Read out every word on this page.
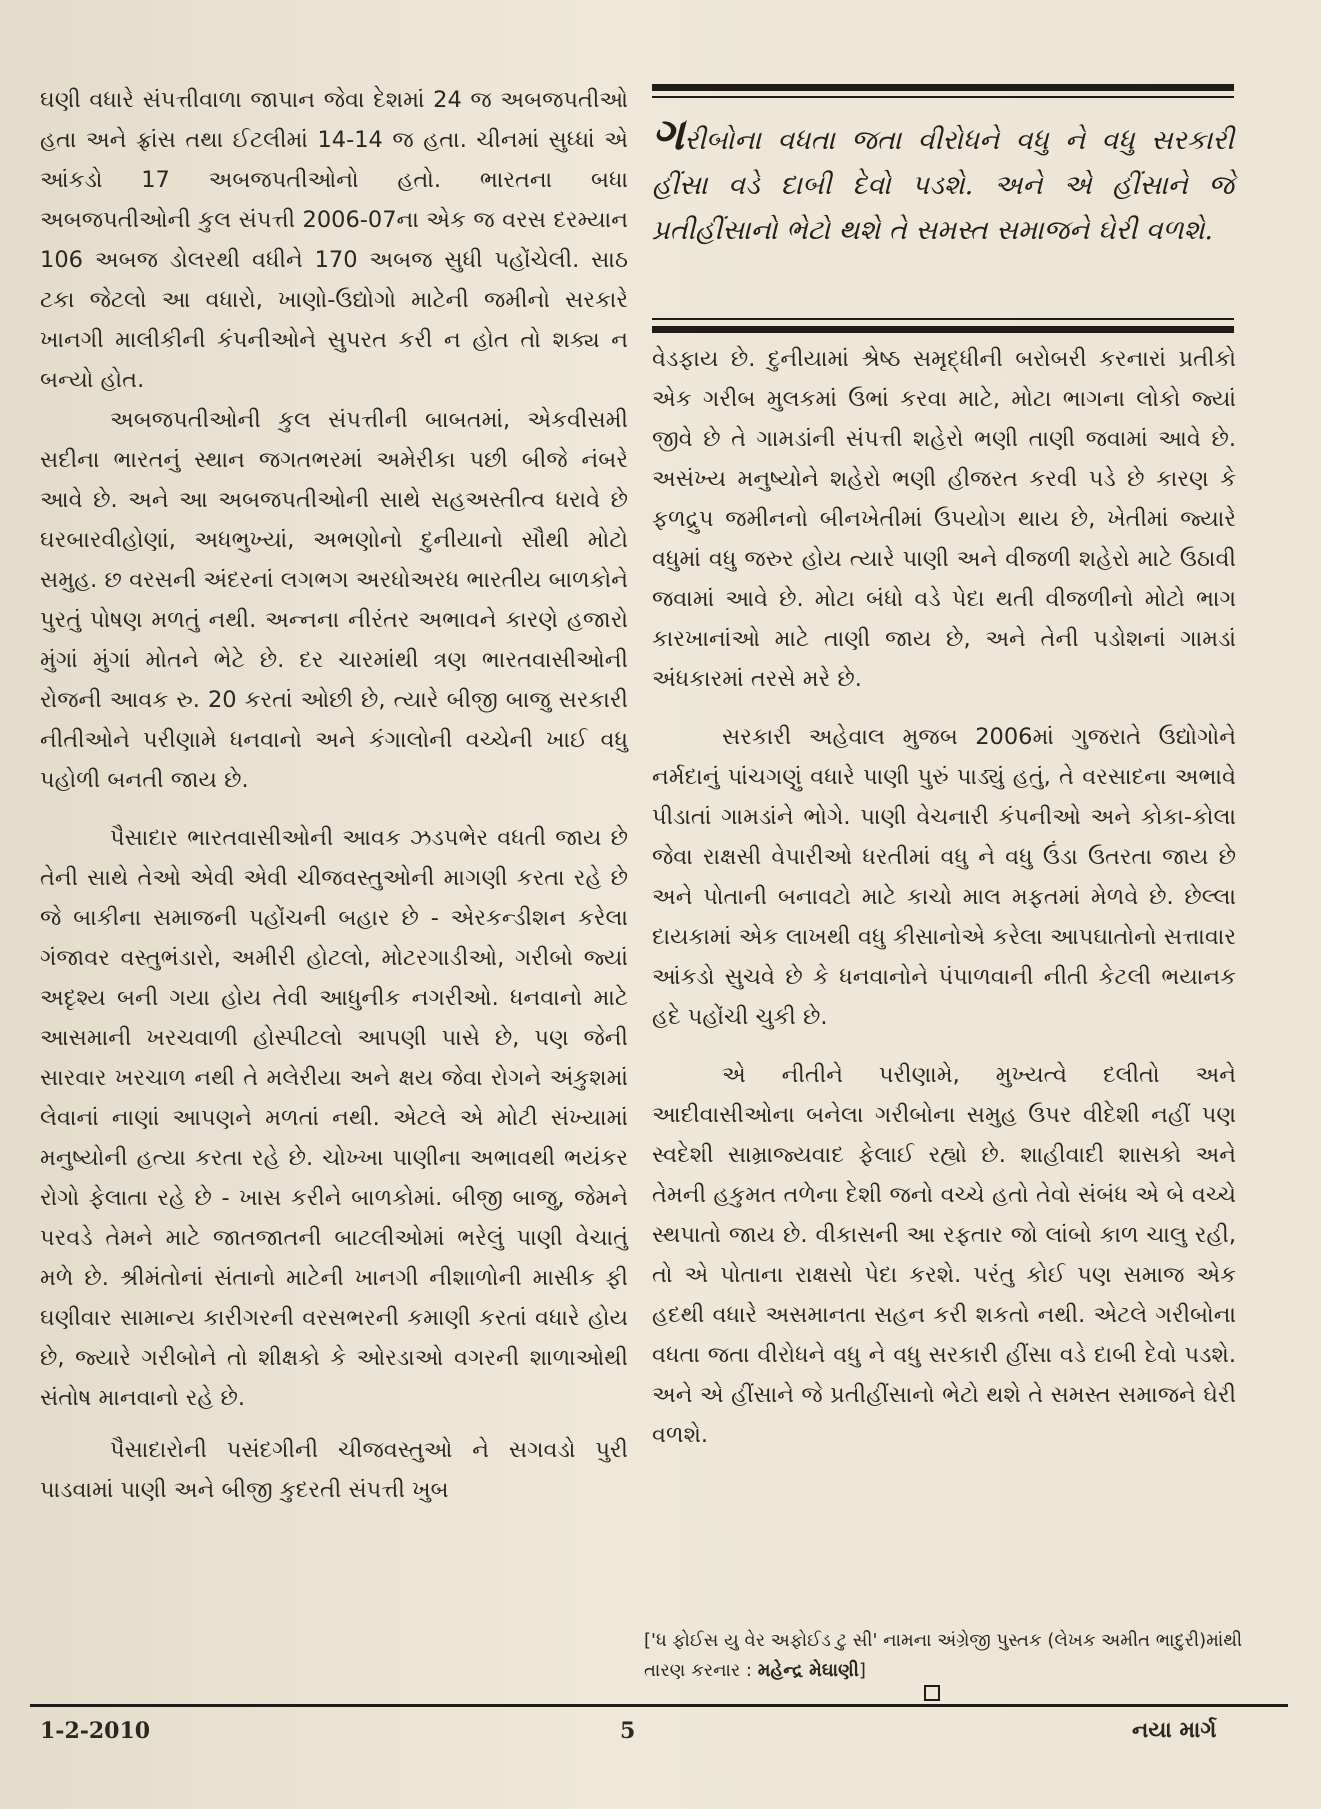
ઘણી વધારે સંપત્તીવાળા જાપાન જેવા દેશમાં 24 જ અબજપતીઓ હતા અને ફ્રાંસ તથા ઈટલીમાં 14-14 જ હતા. ચીનમાં સુધ્ધાં એ આંકડો 17 અબજપતીઓનો હતો. ભારતના બધા અબજપતીઓની કુલ સંપત્તી 2006-07ના એક જ વરસ દરમ્યાન 106 અબજ ડોલરથી વધીને 170 અબજ સુધી પહોંચેલી. સાઠ ટકા જેટલો આ વધારો, ખાણો-ઉદ્યોગો માટેની જમીનો સરકારે ખાનગી માલીકીની કંપનીઓને સુપરત કરી ન હોત તો શક્ય ન બન્યો હોત.

અબજપતીઓની કુલ સંપત્તીની બાબતમાં, એકવીસમી સદીના ભારતનું સ્થાન જગતભરમાં અમેરીકા પછી બીજે નંબરે આવે છે. અને આ અબજપતીઓની સાથે સહઅસ્તીત્વ ધરાવે છે ઘરબારવીહોણાં, અધભુખ્યાં, અભણોનો દુનીયાનો સૌથી મોટો સમુહ. છ વરસની અંદરનાં લગભગ અરધોઅરધ ભારતીય બાળકોને પુરતું પોષણ મળતું નથી. અન્નના નીરંતર અભાવને કારણે હજારો મુંગાં મુંગાં મોતને ભેટે છે. દર ચારમાંથી ત્રણ ભારતવાસીઓની રોજની આવક રુ. 20 કરતાં ઓછી છે, ત્યારે બીજી બાજુ સરકારી નીતીઓને પરીણામે ધનવાનો અને કંગાલોની વચ્ચેની ખાઈ વધુ પહોળી બનતી જાય છે.

પૈસાદાર ભારતવાસીઓની આવક ઝડપભેર વધતી જાય છે તેની સાથે તેઓ એવી એવી ચીજવસ્તુઓની માગણી કરતા રહે છે જે બાકીના સમાજની પહોંચની બહાર છે - એરકન્ડીશન કરેલા ગંજાવર વસ્તુભંડારો, અમીરી હોટલો, મોટરગાડીઓ, ગરીબો જ્યાં અદૃશ્ય બની ગયા હોય તેવી આધુનીક નગરીઓ. ધનવાનો માટે આસમાની ખરચવાળી હોસ્પીટલો આપણી પાસે છે, પણ જેની સારવાર ખરચાળ નથી તે મલેરીયા અને ક્ષય જેવા રોગને અંકુશમાં લેવાનાં નાણાં આપણને મળતાં નથી. એટલે એ મોટી સંખ્યામાં મનુષ્યોની હત્યા કરતા રહે છે. ચોખ્ખા પાણીના અભાવથી ભયંકર રોગો ફેલાતા રહે છે - ખાસ કરીને બાળકોમાં. બીજી બાજુ, જેમને પરવડે તેમને માટે જાતજાતની બાટલીઓમાં ભરેલું પાણી વેચાતું મળે છે. શ્રીમંતોનાં સંતાનો માટેની ખાનગી નીશાળોની માસીક ફી ઘણીવાર સામાન્ય કારીગરની વરસભરની કમાણી કરતાં વધારે હોય છે, જ્યારે ગરીબોને તો શીક્ષકો કે ઓરડાઓ વગરની શાળાઓથી સંતોષ માનવાનો રહે છે.

પૈસાદારોની પસંદગીની ચીજવસ્તુઓ ને સગવડો પુરી પાડવામાં પાણી અને બીજી કુદરતી સંપત્તી ખુબ

ગરીબોના વધતા જતા વીરોધને વધુ ને વધુ સરકારી હીંસા વડે દાબી દેવો પડશે. અને એ હીંસાને જે પ્રતીહીંસાનો ભેટો થશે તે સમસ્ત સમાજને ઘેરી વળશે.

વેડફાય છે. દુનીયામાં શ્રેષ્ઠ સમૃદ્ધીની બરોબરી કરનારાં પ્રતીકો એક ગરીબ મુલકમાં ઉભાં કરવા માટે, મોટા ભાગના લોકો જ્યાં જીવે છે તે ગામડાંની સંપત્તી શહેરો ભણી તાણી જવામાં આવે છે. અસંખ્ય મનુષ્યોને શહેરો ભણી હીજરત કરવી પડે છે કારણ કે ફળદ્રુપ જમીનનો બીનખેતીમાં ઉપયોગ થાય છે, ખેતીમાં જ્યારે વધુમાં વધુ જરુર હોય ત્યારે પાણી અને વીજળી શહેરો માટે ઉઠાવી જવામાં આવે છે. મોટા બંધો વડે પેદા થતી વીજળીનો મોટો ભાગ કારખાનાંઓ માટે તાણી જાય છે, અને તેની પડોશનાં ગામડાં અંધકારમાં તરસે મરે છે.

સરકારી અહેવાલ મુજબ 2006માં ગુજરાતે ઉદ્યોગોને નર્મદાનું પાંચગણું વધારે પાણી પુરું પાડ્યું હતું, તે વરસાદના અભાવે પીડાતાં ગામડાંને ભોગે. પાણી વેચનારી કંપનીઓ અને કોકા-કોલા જેવા રાક્ષસી વેપારીઓ ધરતીમાં વધુ ને વધુ ઉંડા ઉતરતા જાય છે અને પોતાની બનાવટો માટે કાચો માલ મફતમાં મેળવે છે. છેલ્લા દાયકામાં એક લાખથી વધુ કીસાનોએ કરેલા આપઘાતોનો સત્તાવાર આંકડો સુચવે છે કે ધનવાનોને પંપાળવાની નીતી કેટલી ભયાનક હદે પહોંચી ચુકી છે.

એ નીતીને પરીણામે, મુખ્યત્વે દલીતો અને આદીવાસીઓના બનેલા ગરીબોના સમુહ ઉપર વીદેશી નહીં પણ સ્વદેશી સામ્રાજ્યવાદ ફેલાઈ રહ્યો છે. શાહીવાદી શાસકો અને તેમની હકુમત તળેના દેશી જનો વચ્ચે હતો તેવો સંબંધ એ બે વચ્ચે સ્થપાતો જાય છે. વીકાસની આ રફતાર જો લાંબો કાળ ચાલુ રહી, તો એ પોતાના રાક્ષસો પેદા કરશે. પરંતુ કોઈ પણ સમાજ એક હદથી વધારે અસમાનતા સહન કરી શકતો નથી. એટલે ગરીબોના વધતા જતા વીરોધને વધુ ને વધુ સરકારી હીંસા વડે દાબી દેવો પડશે. અને એ હીંસાને જે પ્રતીહીંસાનો ભેટો થશે તે સમસ્ત સમાજને ઘેરી વળશે.

['ધ ફોઈસ યુ વેર અફોઈડ ટુ સી' નામના અંગ્રેજી પુસ્તક (લેખક અમીત ભાદુરી)માંથી તારણ કરનાર : મહેન્દ્ર મેઘાણી]
1-2-2010	5	નયા માર્ગ
